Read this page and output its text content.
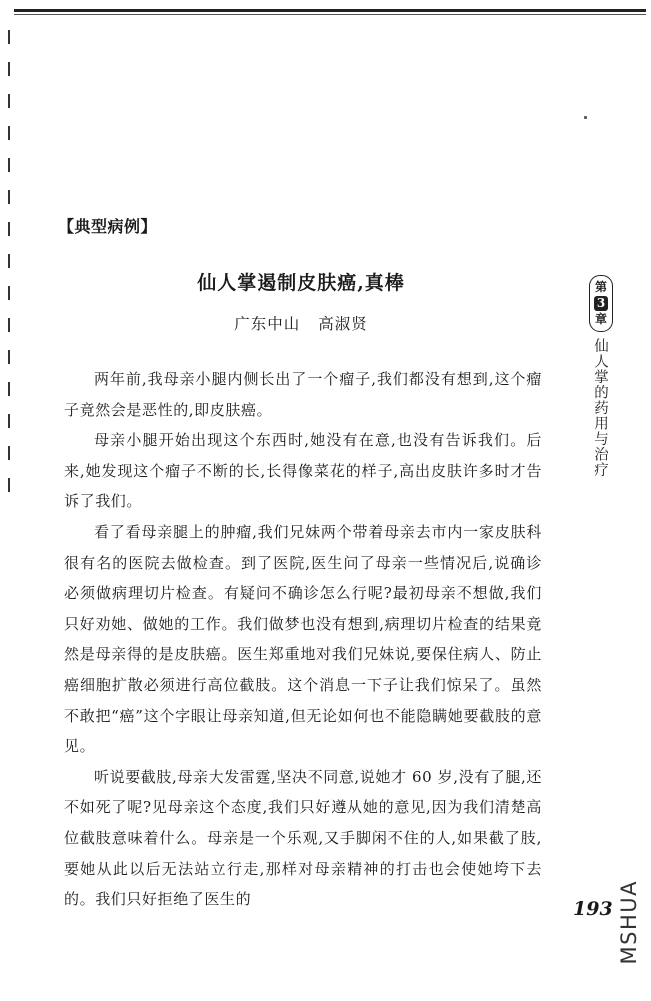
【典型病例】
仙人掌遏制皮肤癌,真棒
广东中山 高淑贤

两年前,我母亲小腿内侧长出了一个瘤子,我们都没有想到,这个瘤子竟然会是恶性的,即皮肤癌。

母亲小腿开始出现这个东西时,她没有在意,也没有告诉我们。后来,她发现这个瘤子不断的长,长得像菜花的样子,高出皮肤许多时才告诉了我们。

看了看母亲腿上的肿瘤,我们兄妹两个带着母亲去市内一家皮肤科很有名的医院去做检查。到了医院,医生问了母亲一些情况后,说确诊必须做病理切片检查。有疑问不确诊怎么行呢?最初母亲不想做,我们只好劝她、做她的工作。我们做梦也没有想到,病理切片检查的结果竟然是母亲得的是皮肤癌。医生郑重地对我们兄妹说,要保住病人、防止癌细胞扩散必须进行高位截肢。这个消息一下子让我们惊呆了。虽然不敢把“癌”这个字眼让母亲知道,但无论如何也不能隐瞒她要截肢的意见。

听说要截肢,母亲大发雷霆,坚决不同意,说她才 60 岁,没有了腿,还不如死了呢?见母亲这个态度,我们只好遵从她的意见,因为我们清楚高位截肢意味着什么。母亲是一个乐观,又手脚闲不住的人,如果截了肢,要她从此以后无法站立行走,那样对母亲精神的打击也会使她垮下去的。我们只好拒绝了医生的

第
3
章
仙人掌的药用与治疗
193 MSHUA
